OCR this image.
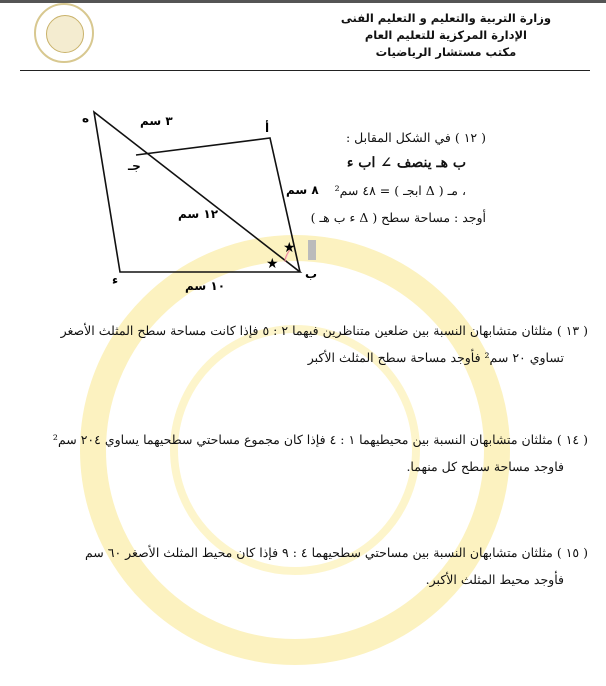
وزارة التربية والتعليم و التعليم الفنى
الإدارة المركزية للتعليم العام
مكتب مستشار الرياضيات
★
★
ه
أ
ب
ء
جـ
٣ سم
٨ سم
١٢ سم
١٠ سم
( ١٢ ) في الشكل المقابل :
ب هـ ينصف ∠ اب ء
، مـ ( Δ ابجـ ) = ٤٨ سم²
أوجد : مساحة سطح ( Δ ء ب هـ )
( ١٣ ) مثلثان متشابهان النسبة بين ضلعين متناظرين فيهما ٢ : ٥ فإذا كانت مساحة سطح المثلث الأصغر
تساوي ٢٠ سم² فأوجد مساحة سطح المثلث الأكبر
( ١٤ ) مثلثان متشابهان النسبة بين محيطيهما ١ : ٤ فإذا كان مجموع مساحتي سطحيهما يساوي ٢٠٤ سم²
فاوجد مساحة سطح كل منهما.
( ١٥ ) مثلثان متشابهان النسبة بين مساحتي سطحيهما ٤ : ٩ فإذا كان محيط المثلث الأصغر ٦٠ سم
فأوجد محيط المثلث الأكبر.
